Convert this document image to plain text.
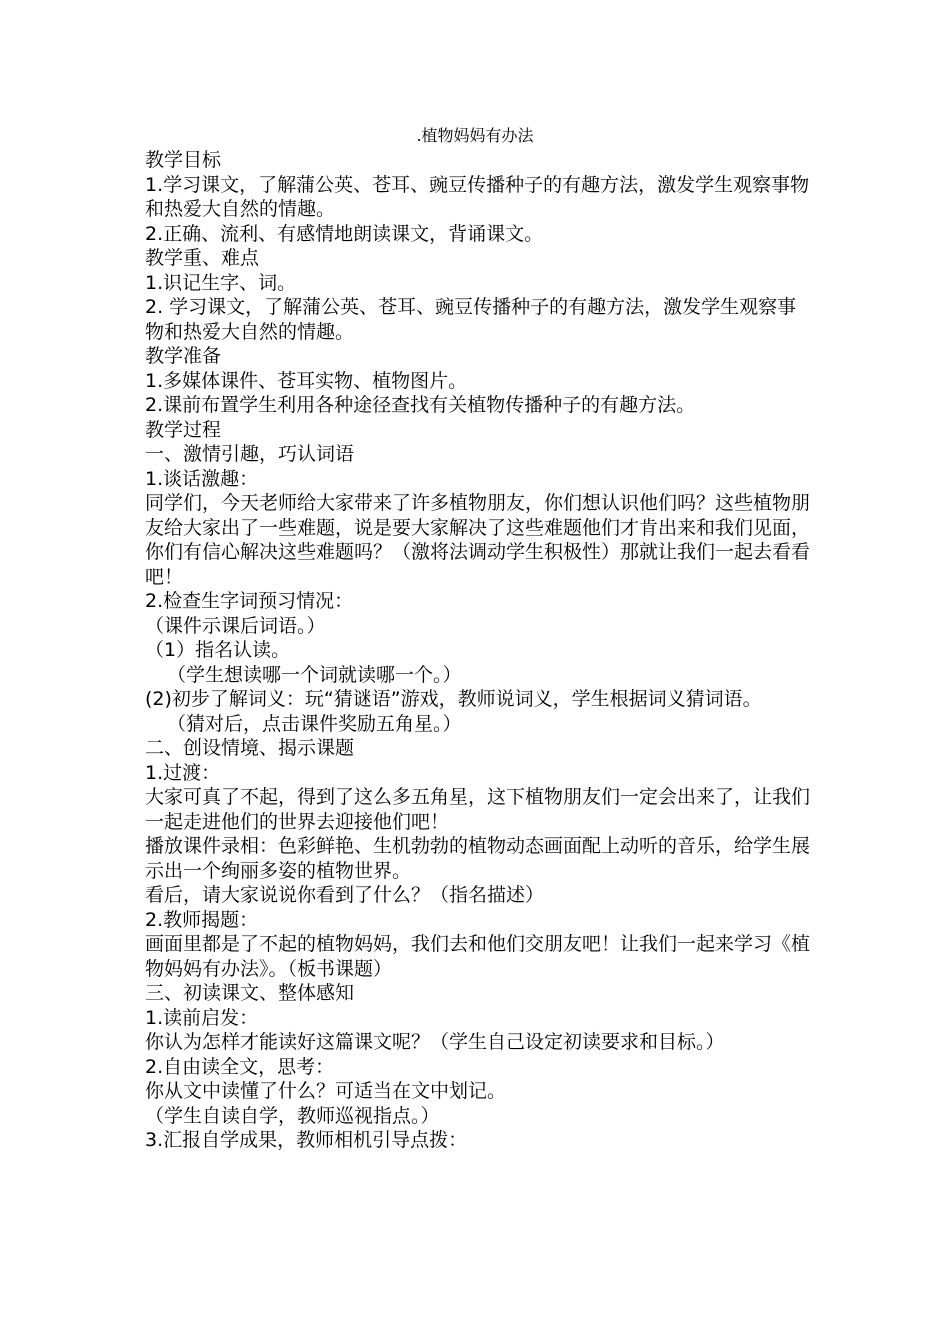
.植物妈妈有办法

教学目标

1.学习课文，了解蒲公英、苍耳、豌豆传播种子的有趣方法，激发学生观察事物和热爱大自然的情趣。

2.正确、流利、有感情地朗读课文，背诵课文。

教学重、难点

1.识记生字、词。

2. 学习课文，了解蒲公英、苍耳、豌豆传播种子的有趣方法，激发学生观察事物和热爱大自然的情趣。

教学准备

1.多媒体课件、苍耳实物、植物图片。

2.课前布置学生利用各种途径查找有关植物传播种子的有趣方法。

教学过程

一、激情引趣，巧认词语

1.谈话激趣：

同学们，今天老师给大家带来了许多植物朋友，你们想认识他们吗？这些植物朋友给大家出了一些难题，说是要大家解决了这些难题他们才肯出来和我们见面，你们有信心解决这些难题吗？（激将法调动学生积极性）那就让我们一起去看看吧！

2.检查生字词预习情况：

（课件示课后词语。）

（1）指名认读。

（学生想读哪一个词就读哪一个。）

(2)初步了解词义：玩“猜谜语”游戏，教师说词义，学生根据词义猜词语。

（猜对后，点击课件奖励五角星。）

二、创设情境、揭示课题

1.过渡：

大家可真了不起，得到了这么多五角星，这下植物朋友们一定会出来了，让我们一起走进他们的世界去迎接他们吧！

播放课件录相：色彩鲜艳、生机勃勃的植物动态画面配上动听的音乐，给学生展示出一个绚丽多姿的植物世界。

看后，请大家说说你看到了什么？（指名描述）

2.教师揭题：

画面里都是了不起的植物妈妈，我们去和他们交朋友吧！让我们一起来学习《植物妈妈有办法》。（板书课题）

三、初读课文、整体感知

1.读前启发：

你认为怎样才能读好这篇课文呢？（学生自己设定初读要求和目标。）

2.自由读全文，思考：

你从文中读懂了什么？可适当在文中划记。

（学生自读自学，教师巡视指点。）

3.汇报自学成果，教师相机引导点拨：
